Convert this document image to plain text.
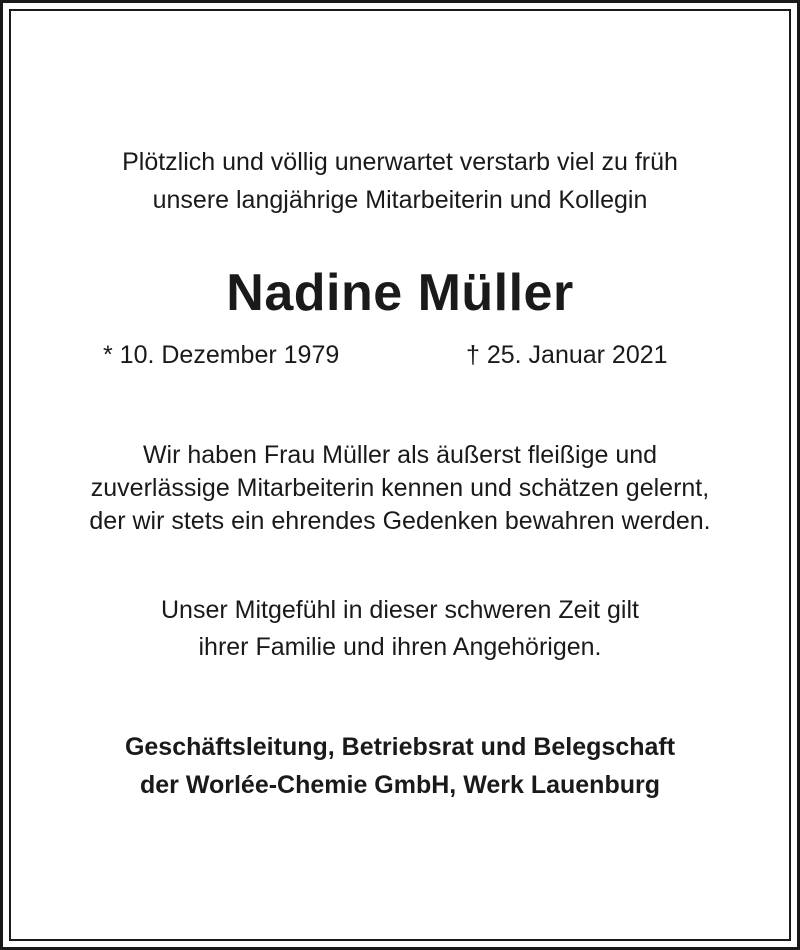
Plötzlich und völlig unerwartet verstarb viel zu früh
unsere langjährige Mitarbeiterin und Kollegin
Nadine Müller
* 10. Dezember 1979	† 25. Januar 2021
Wir haben Frau Müller als äußerst fleißige und
zuverlässige Mitarbeiterin kennen und schätzen gelernt,
der wir stets ein ehrendes Gedenken bewahren werden.
Unser Mitgefühl in dieser schweren Zeit gilt
ihrer Familie und ihren Angehörigen.
Geschäftsleitung, Betriebsrat und Belegschaft
der Worlée-Chemie GmbH, Werk Lauenburg
